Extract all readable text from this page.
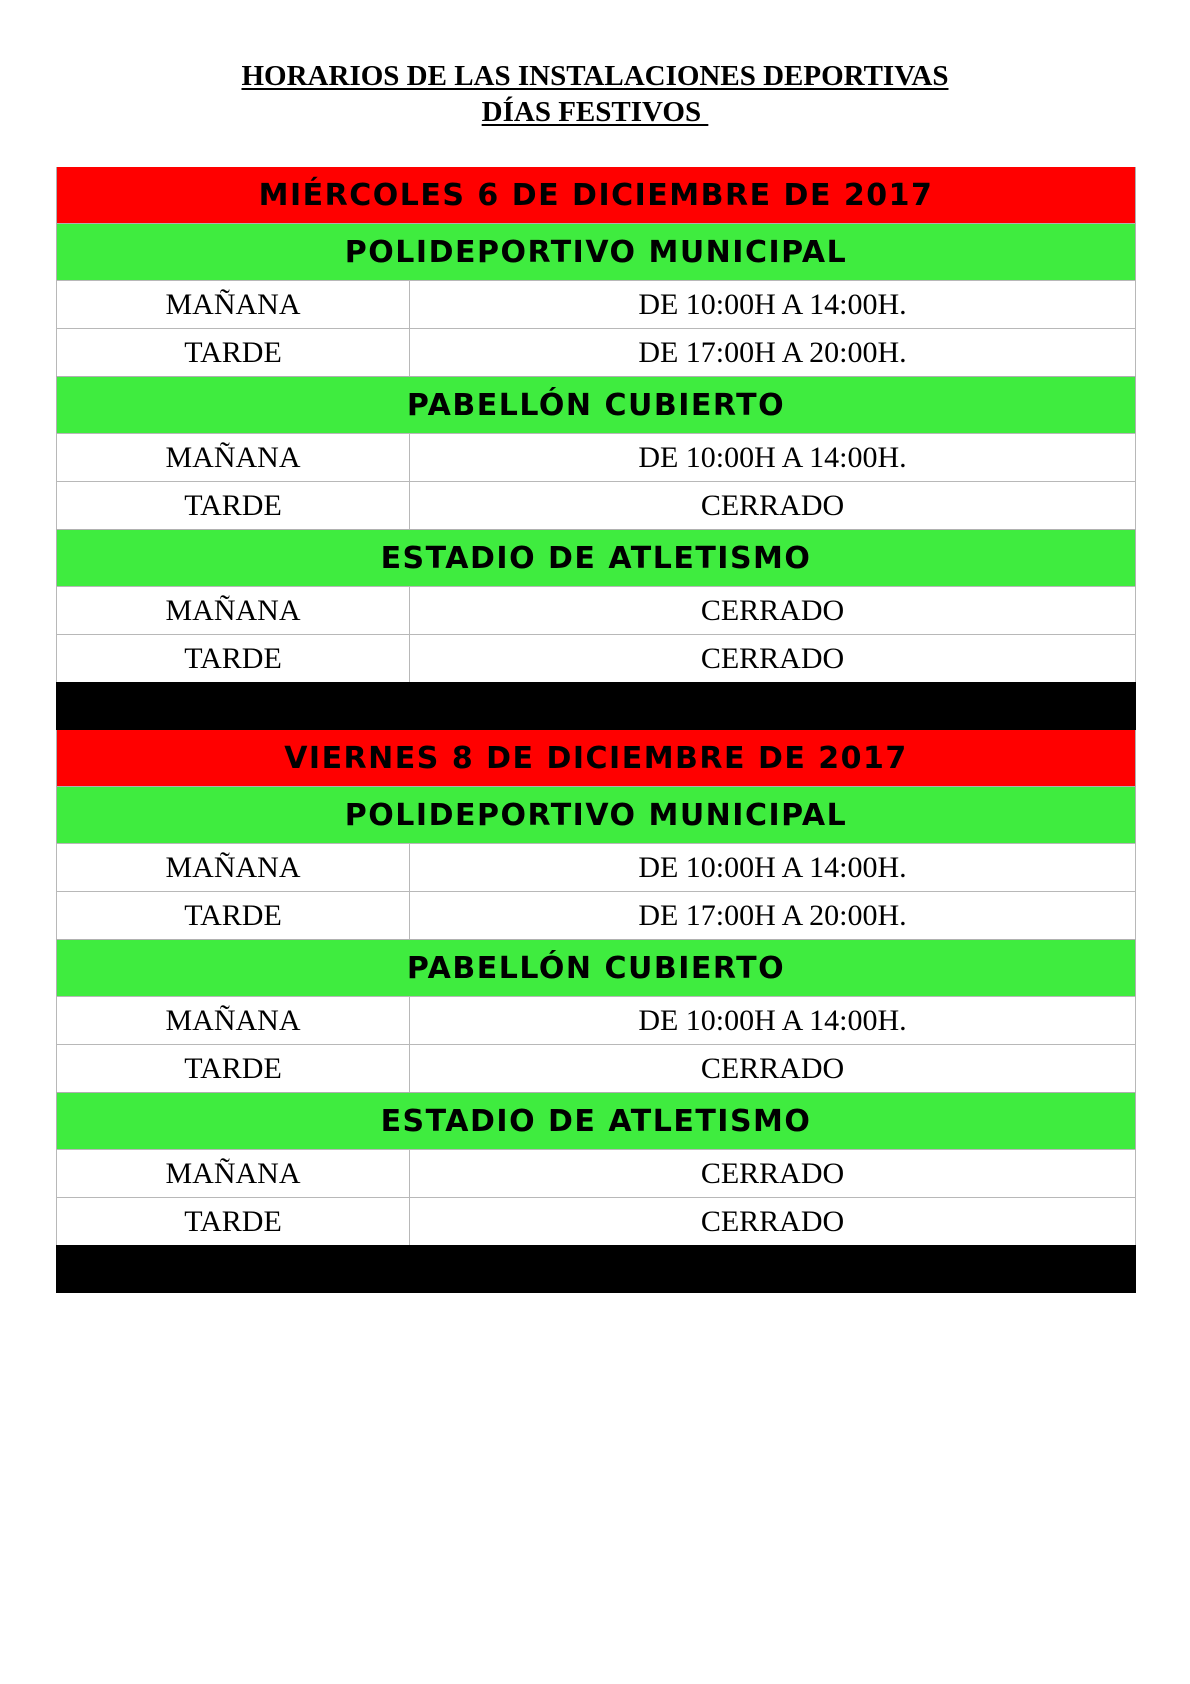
HORARIOS DE LAS INSTALACIONES DEPORTIVAS
DÍAS FESTIVOS
MIÉRCOLES 6 DE DICIEMBRE DE 2017
POLIDEPORTIVO MUNICIPAL
MAÑANA	DE 10:00H A 14:00H.
TARDE	DE 17:00H A 20:00H.
PABELLÓN CUBIERTO
MAÑANA	DE 10:00H A 14:00H.
TARDE	CERRADO
ESTADIO DE ATLETISMO
MAÑANA	CERRADO
TARDE	CERRADO
VIERNES 8 DE DICIEMBRE DE 2017
POLIDEPORTIVO MUNICIPAL
MAÑANA	DE 10:00H A 14:00H.
TARDE	DE 17:00H A 20:00H.
PABELLÓN CUBIERTO
MAÑANA	DE 10:00H A 14:00H.
TARDE	CERRADO
ESTADIO DE ATLETISMO
MAÑANA	CERRADO
TARDE	CERRADO
